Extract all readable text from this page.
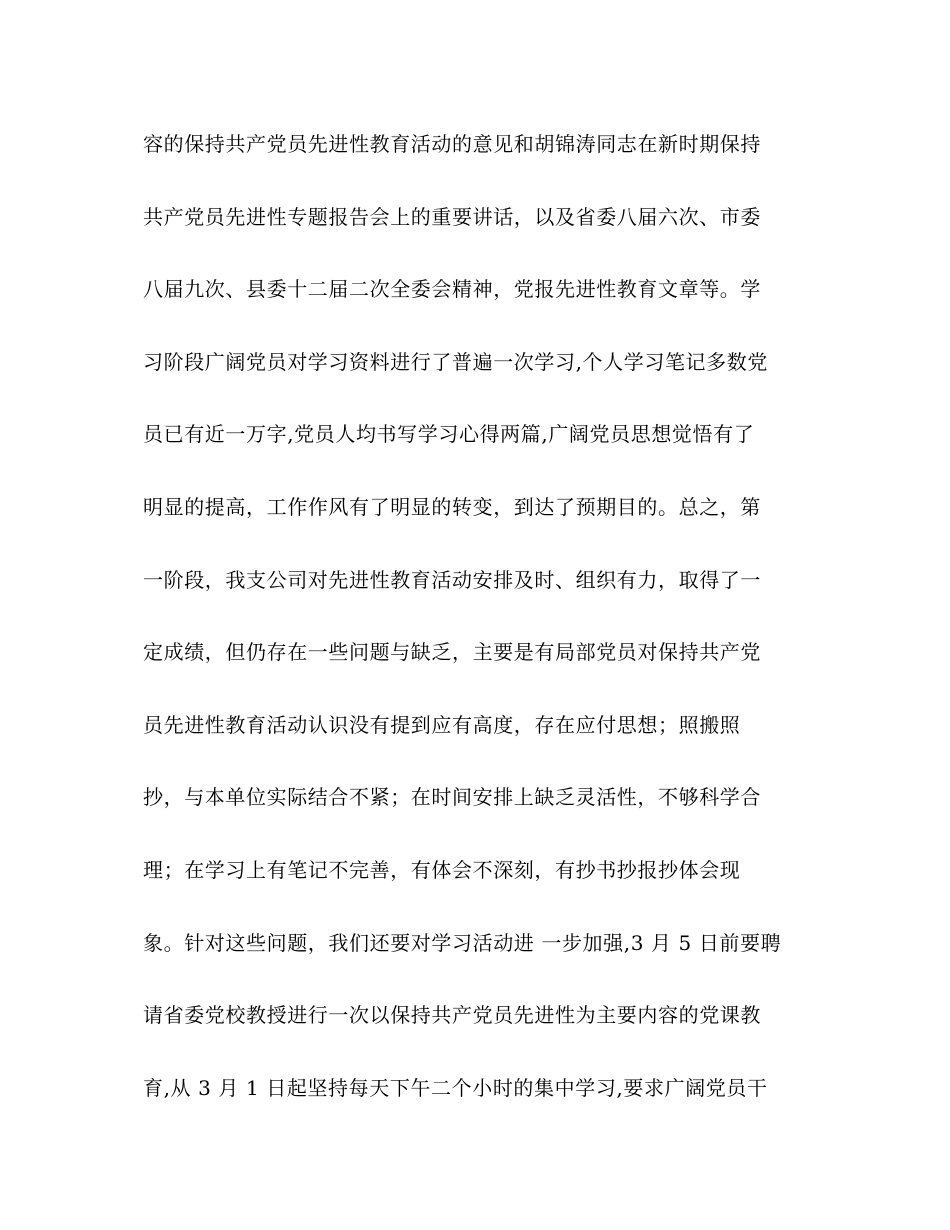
容的保持共产党员先进性教育活动的意见和胡锦涛同志在新时期保持
共产党员先进性专题报告会上的重要讲话，以及省委八届六次、市委
八届九次、县委十二届二次全委会精神，党报先进性教育文章等。学
习阶段广阔党员对学习资料进行了普遍一次学习,个人学习笔记多数党
员已有近一万字,党员人均书写学习心得两篇,广阔党员思想觉悟有了
明显的提高，工作作风有了明显的转变，到达了预期目的。总之，第
一阶段，我支公司对先进性教育活动安排及时、组织有力，取得了一
定成绩，但仍存在一些问题与缺乏，主要是有局部党员对保持共产党
员先进性教育活动认识没有提到应有高度，存在应付思想；照搬照
抄，与本单位实际结合不紧；在时间安排上缺乏灵活性，不够科学合
理；在学习上有笔记不完善，有体会不深刻，有抄书抄报抄体会现
象。针对这些问题，我们还要对学习活动进 一步加强,3 月 5 日前要聘
请省委党校教授进行一次以保持共产党员先进性为主要内容的党课教
育,从 3 月 1 日起坚持每天下午二个小时的集中学习,要求广阔党员干
